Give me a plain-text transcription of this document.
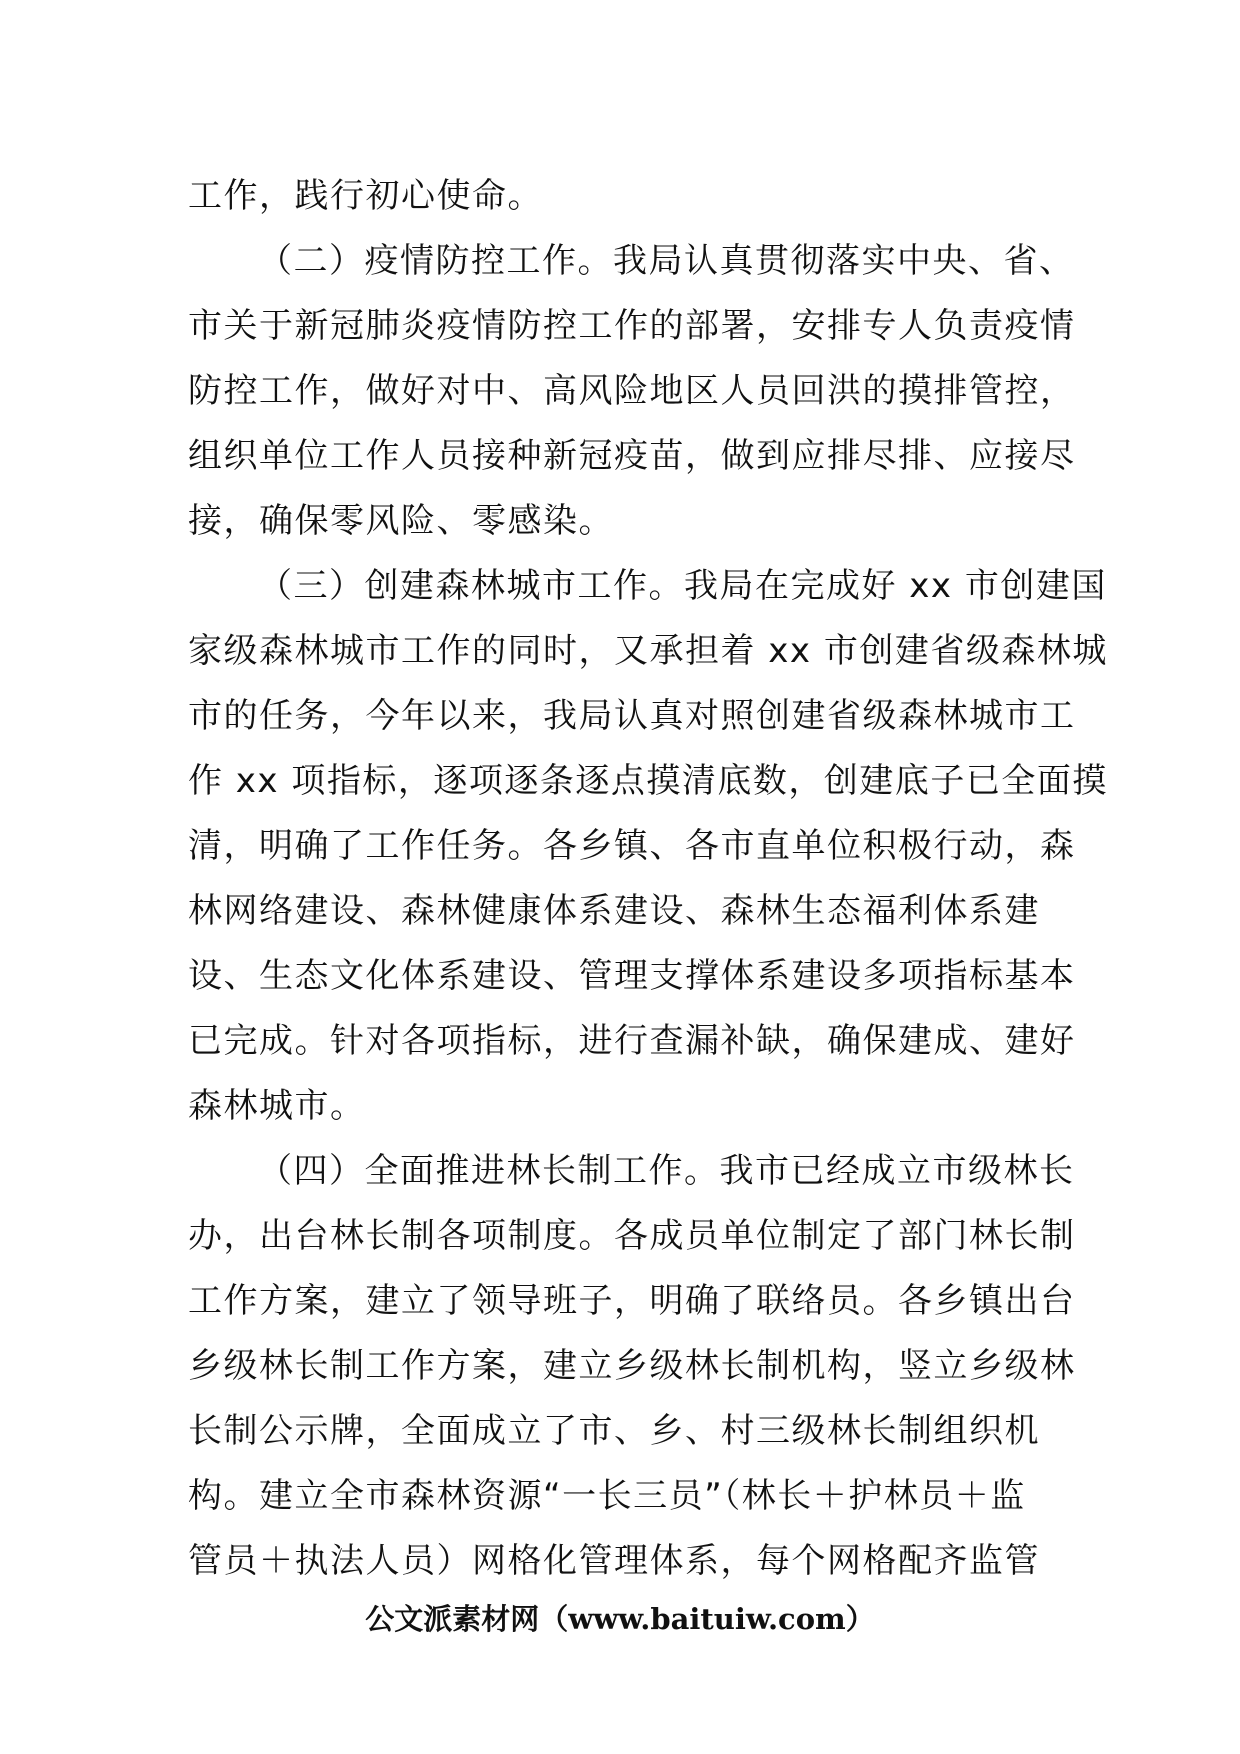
工作，践行初心使命。
（二）疫情防控工作。我局认真贯彻落实中央、省、
市关于新冠肺炎疫情防控工作的部署，安排专人负责疫情
防控工作，做好对中、高风险地区人员回洪的摸排管控，
组织单位工作人员接种新冠疫苗，做到应排尽排、应接尽
接，确保零风险、零感染。
（三）创建森林城市工作。我局在完成好 xx 市创建国
家级森林城市工作的同时，又承担着 xx 市创建省级森林城
市的任务，今年以来，我局认真对照创建省级森林城市工
作 xx 项指标，逐项逐条逐点摸清底数，创建底子已全面摸
清，明确了工作任务。各乡镇、各市直单位积极行动，森
林网络建设、森林健康体系建设、森林生态福利体系建
设、生态文化体系建设、管理支撑体系建设多项指标基本
已完成。针对各项指标，进行查漏补缺，确保建成、建好
森林城市。
（四）全面推进林长制工作。我市已经成立市级林长
办，出台林长制各项制度。各成员单位制定了部门林长制
工作方案，建立了领导班子，明确了联络员。各乡镇出台
乡级林长制工作方案，建立乡级林长制机构，竖立乡级林
长制公示牌，全面成立了市、乡、村三级林长制组织机
构。建立全市森林资源“一长三员”（林长＋护林员＋监
管员＋执法人员）网格化管理体系，每个网格配齐监管
公文派素材网（www.baituiw.com）
